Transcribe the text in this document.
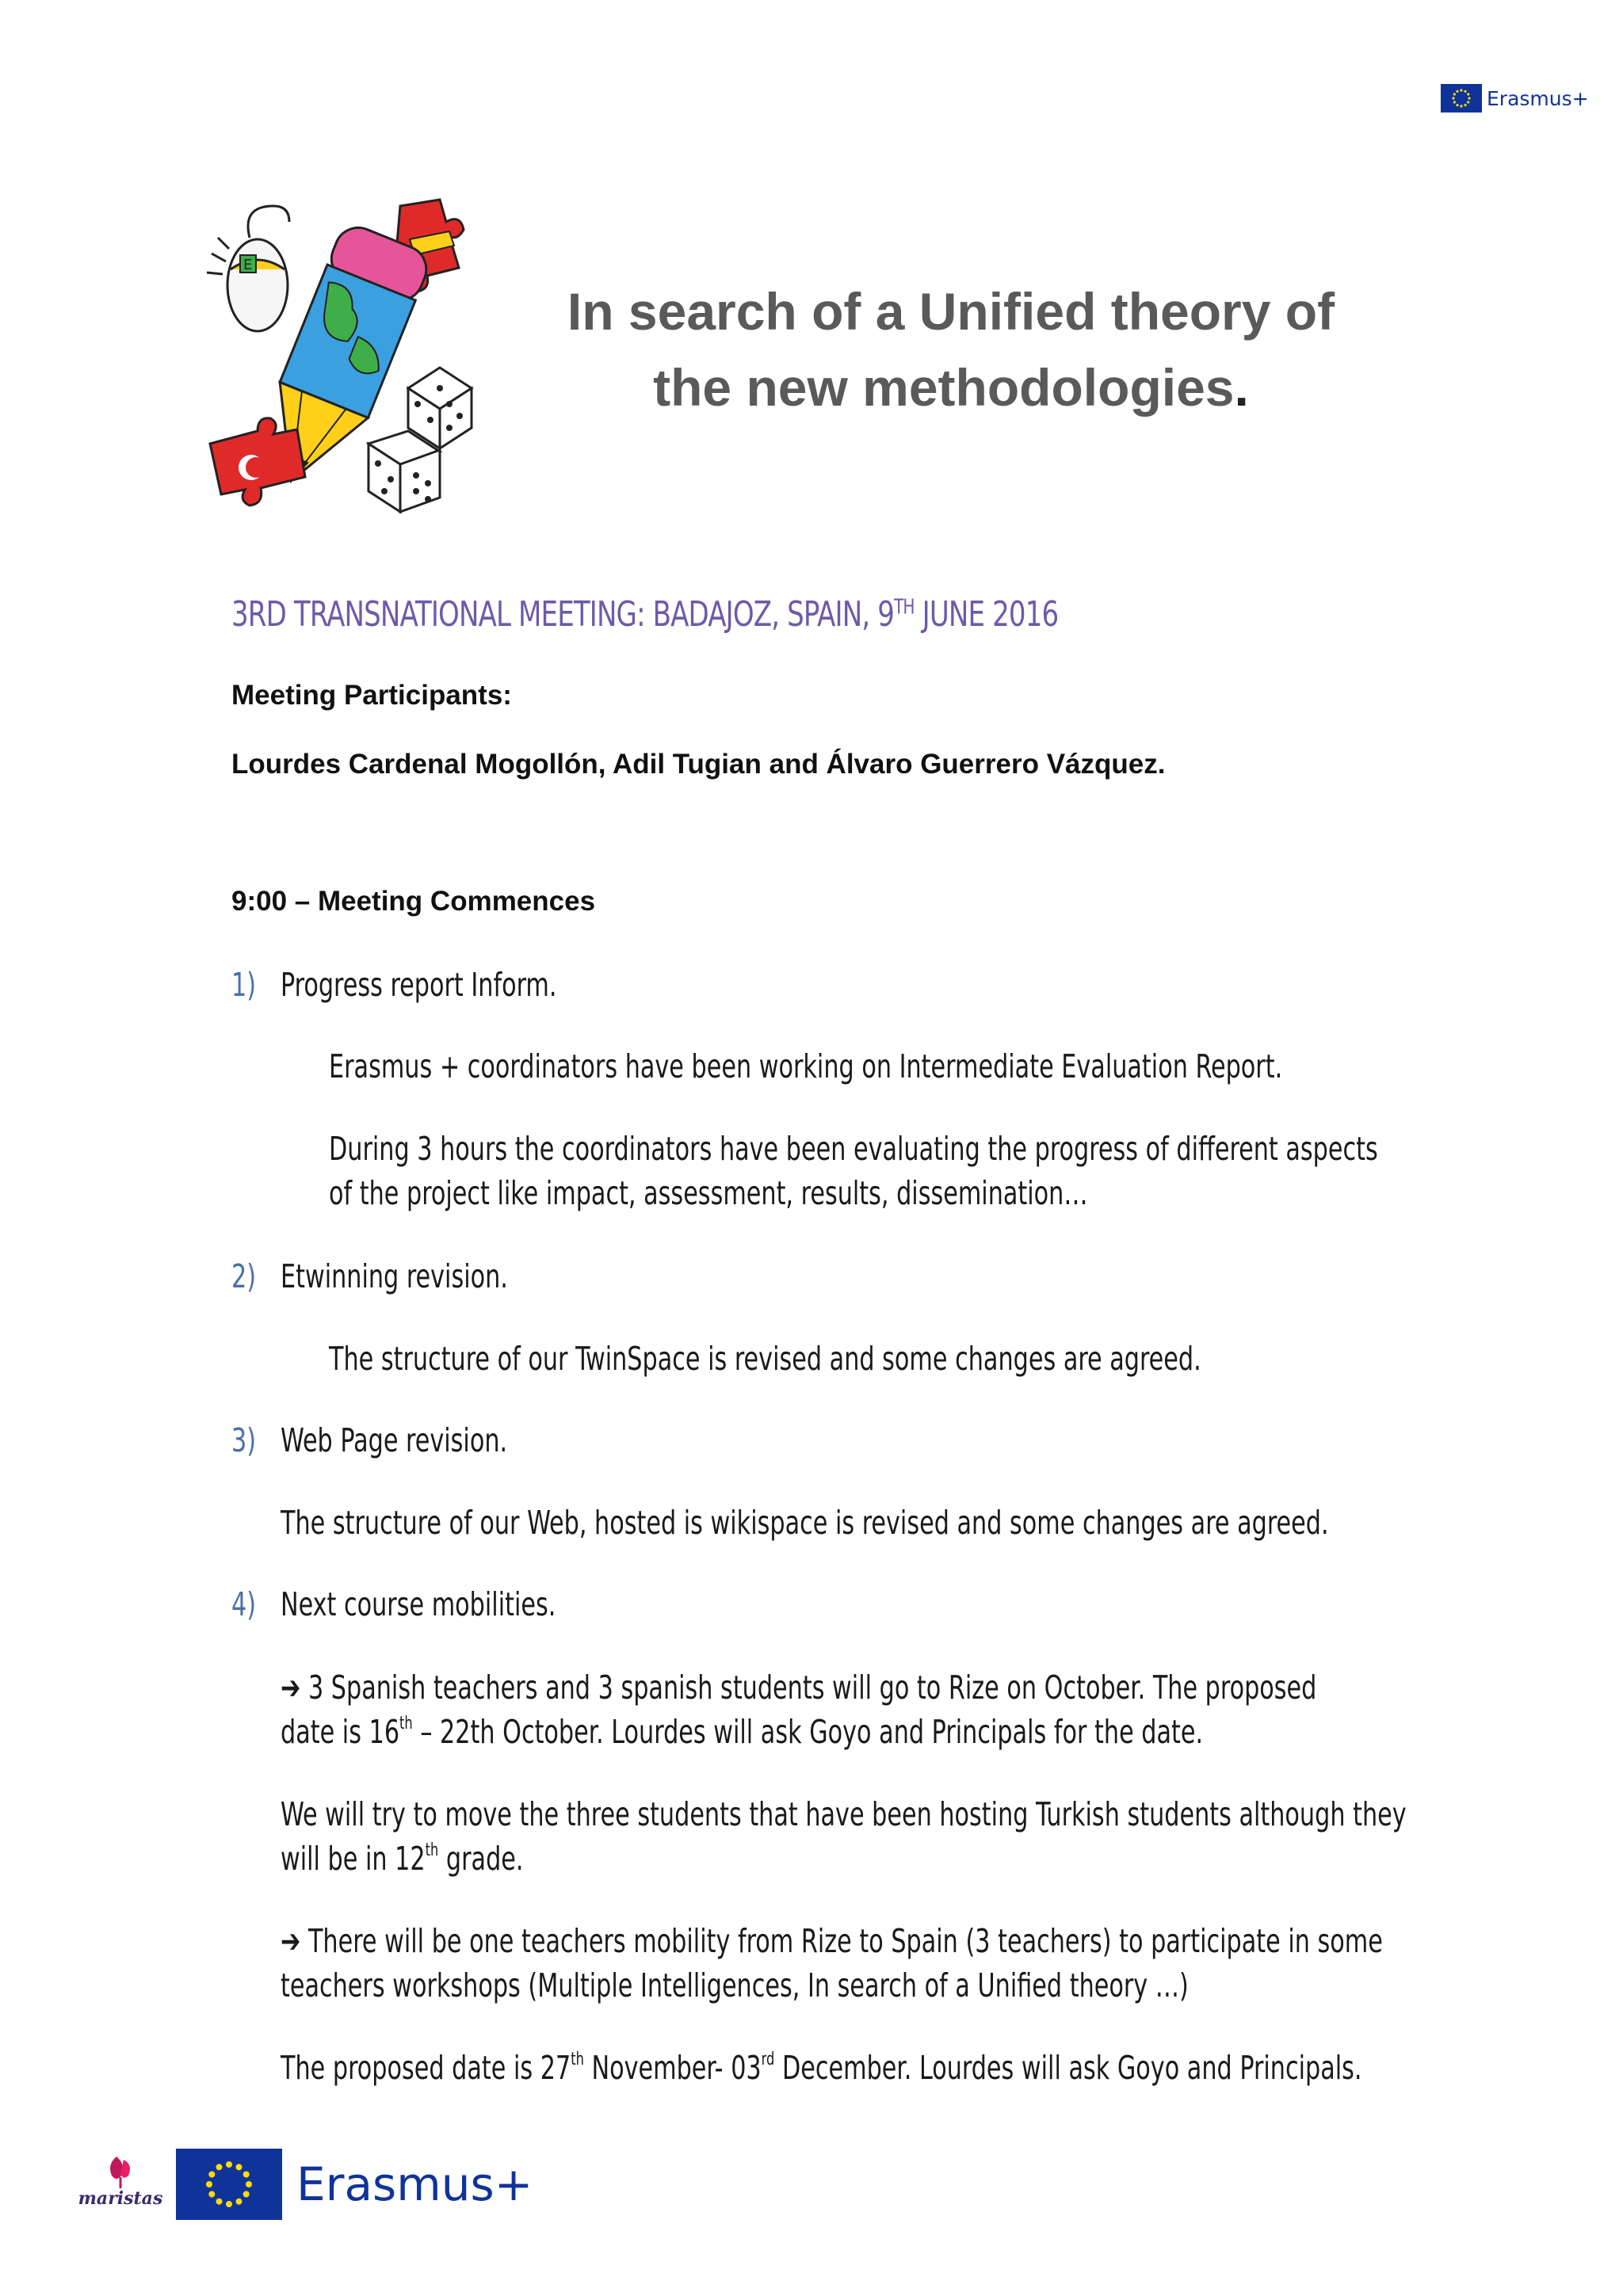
Erasmus+
E
In search of a Unified theory of
the new methodologies.
3RD TRANSNATIONAL MEETING: BADAJOZ, SPAIN, 9TH JUNE 2016
Meeting Participants:
Lourdes Cardenal Mogollón, Adil Tugian and Álvaro Guerrero Vázquez.
9:00 – Meeting Commences
1) Progress report Inform.
Erasmus + coordinators have been working on Intermediate Evaluation Report.
During 3 hours the coordinators have been evaluating the progress of different aspects
of the project like impact, assessment, results, dissemination…
2) Etwinning revision.
The structure of our TwinSpace is revised and some changes are agreed.
3) Web Page revision.
The structure of our Web, hosted is wikispace is revised and some changes are agreed.
4) Next course mobilities.
➔ 3 Spanish teachers and 3 spanish students will go to Rize on October. The proposed
date is 16th – 22th October. Lourdes will ask Goyo and Principals for the date.
We will try to move the three students that have been hosting Turkish students although they
will be in 12th grade.
➔ There will be one teachers mobility from Rize to Spain (3 teachers) to participate in some
teachers workshops (Multiple Intelligences, In search of a Unified theory …)
The proposed date is 27th November- 03rd December. Lourdes will ask Goyo and Principals.
maristas	Erasmus+
